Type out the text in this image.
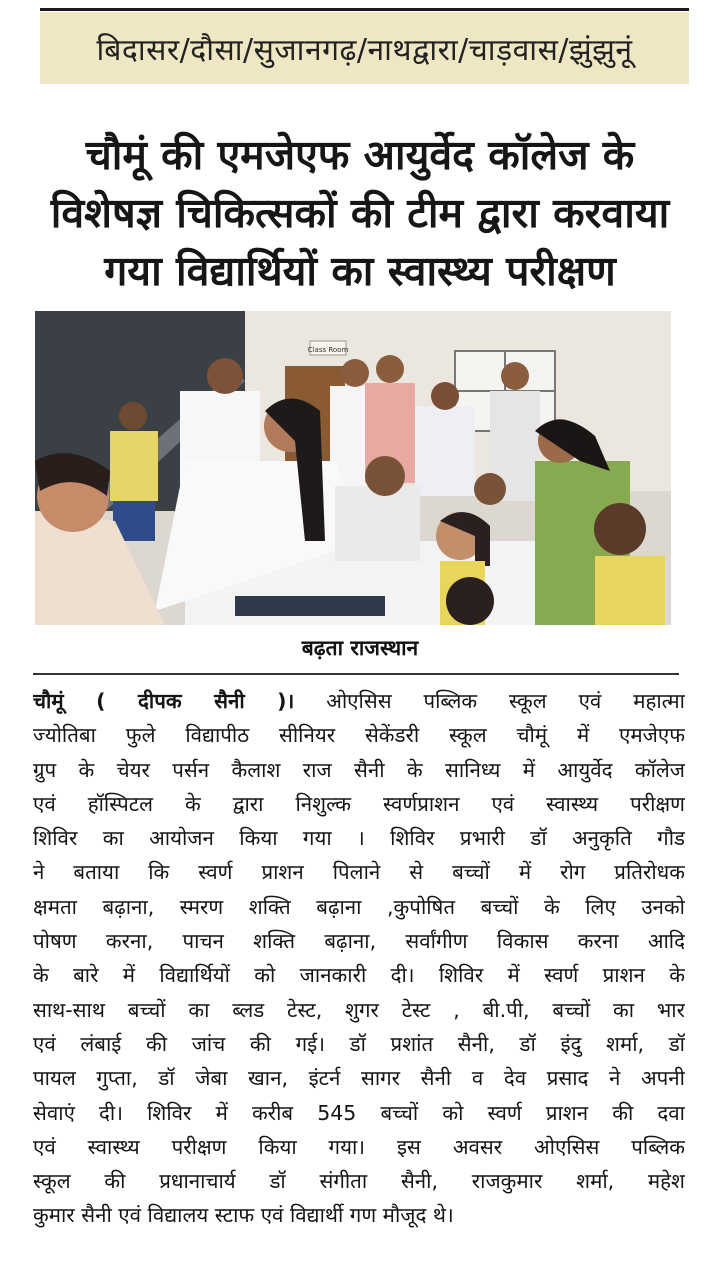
बिदासर/दौसा/सुजानगढ़/नाथद्वारा/चाड़वास/झुंझुनूं
चौमूं की एमजेएफ आयुर्वेद कॉलेज के
विशेषज्ञ चिकित्सकों की टीम द्वारा करवाया
गया विद्यार्थियों का स्वास्थ्य परीक्षण
Class Room
बढ़ता राजस्थान
चौमूं ( दीपक सैनी )। ओएसिस पब्लिक स्कूल एवं महात्मा
ज्योतिबा फुले विद्यापीठ सीनियर सेकेंडरी स्कूल चौमूं में एमजेएफ
ग्रुप के चेयर पर्सन कैलाश राज सैनी के सानिध्य में आयुर्वेद कॉलेज
एवं हॉस्पिटल के द्वारा निशुल्क स्वर्णप्राशन एवं स्वास्थ्य परीक्षण
शिविर का आयोजन किया गया । शिविर प्रभारी डॉ अनुकृति गौड
ने बताया कि स्वर्ण प्राशन पिलाने से बच्चों में रोग प्रतिरोधक
क्षमता बढ़ाना, स्मरण शक्ति बढ़ाना ,कुपोषित बच्चों के लिए उनको
पोषण करना, पाचन शक्ति बढ़ाना, सर्वांगीण विकास करना आदि
के बारे में विद्यार्थियों को जानकारी दी। शिविर में स्वर्ण प्राशन के
साथ-साथ बच्चों का ब्लड टेस्ट, शुगर टेस्ट , बी.पी, बच्चों का भार
एवं लंबाई की जांच की गई। डॉ प्रशांत सैनी, डॉ इंदु शर्मा, डॉ
पायल गुप्ता, डॉ जेबा खान, इंटर्न सागर सैनी व देव प्रसाद ने अपनी
सेवाएं दी। शिविर में करीब 545 बच्चों को स्वर्ण प्राशन की दवा
एवं स्वास्थ्य परीक्षण किया गया। इस अवसर ओएसिस पब्लिक
स्कूल की प्रधानाचार्य डॉ संगीता सैनी, राजकुमार शर्मा, महेश
कुमार सैनी एवं विद्यालय स्टाफ एवं विद्यार्थी गण मौजूद थे।
